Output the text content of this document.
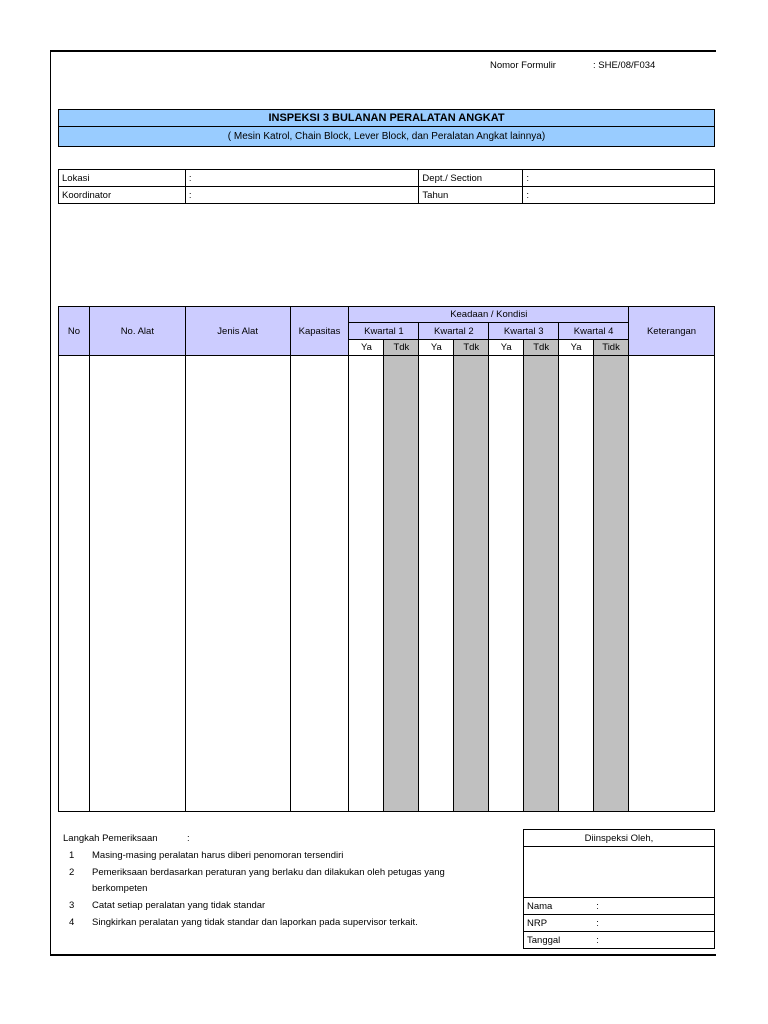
Nomor Formulir	: SHE/08/F034
INSPEKSI 3 BULANAN PERALATAN ANGKAT
( Mesin Katrol, Chain Block, Lever Block, dan Peralatan Angkat lainnya)
Lokasi	:	Dept./ Section	:
Koordinator	:	Tahun	:
No	No. Alat	Jenis Alat	Kapasitas	Keadaan / Kondisi								Keterangan
				Kwartal 1		Kwartal 2		Kwartal 3		Kwartal 4		
				Ya	Tdk	Ya	Tdk	Ya	Tdk	Ya	Tidk	

Langkah Pemeriksaan	:
1 Masing-masing peralatan harus diberi penomoran tersendiri
2 Pemeriksaan berdasarkan peraturan yang berlaku dan dilakukan oleh petugas yang
berkompeten
3 Catat setiap peralatan yang tidak standar
4 Singkirkan peralatan yang tidak standar dan laporkan pada supervisor terkait.
Diinspeksi Oleh,	

Nama	:
NRP	:
Tanggal	:
